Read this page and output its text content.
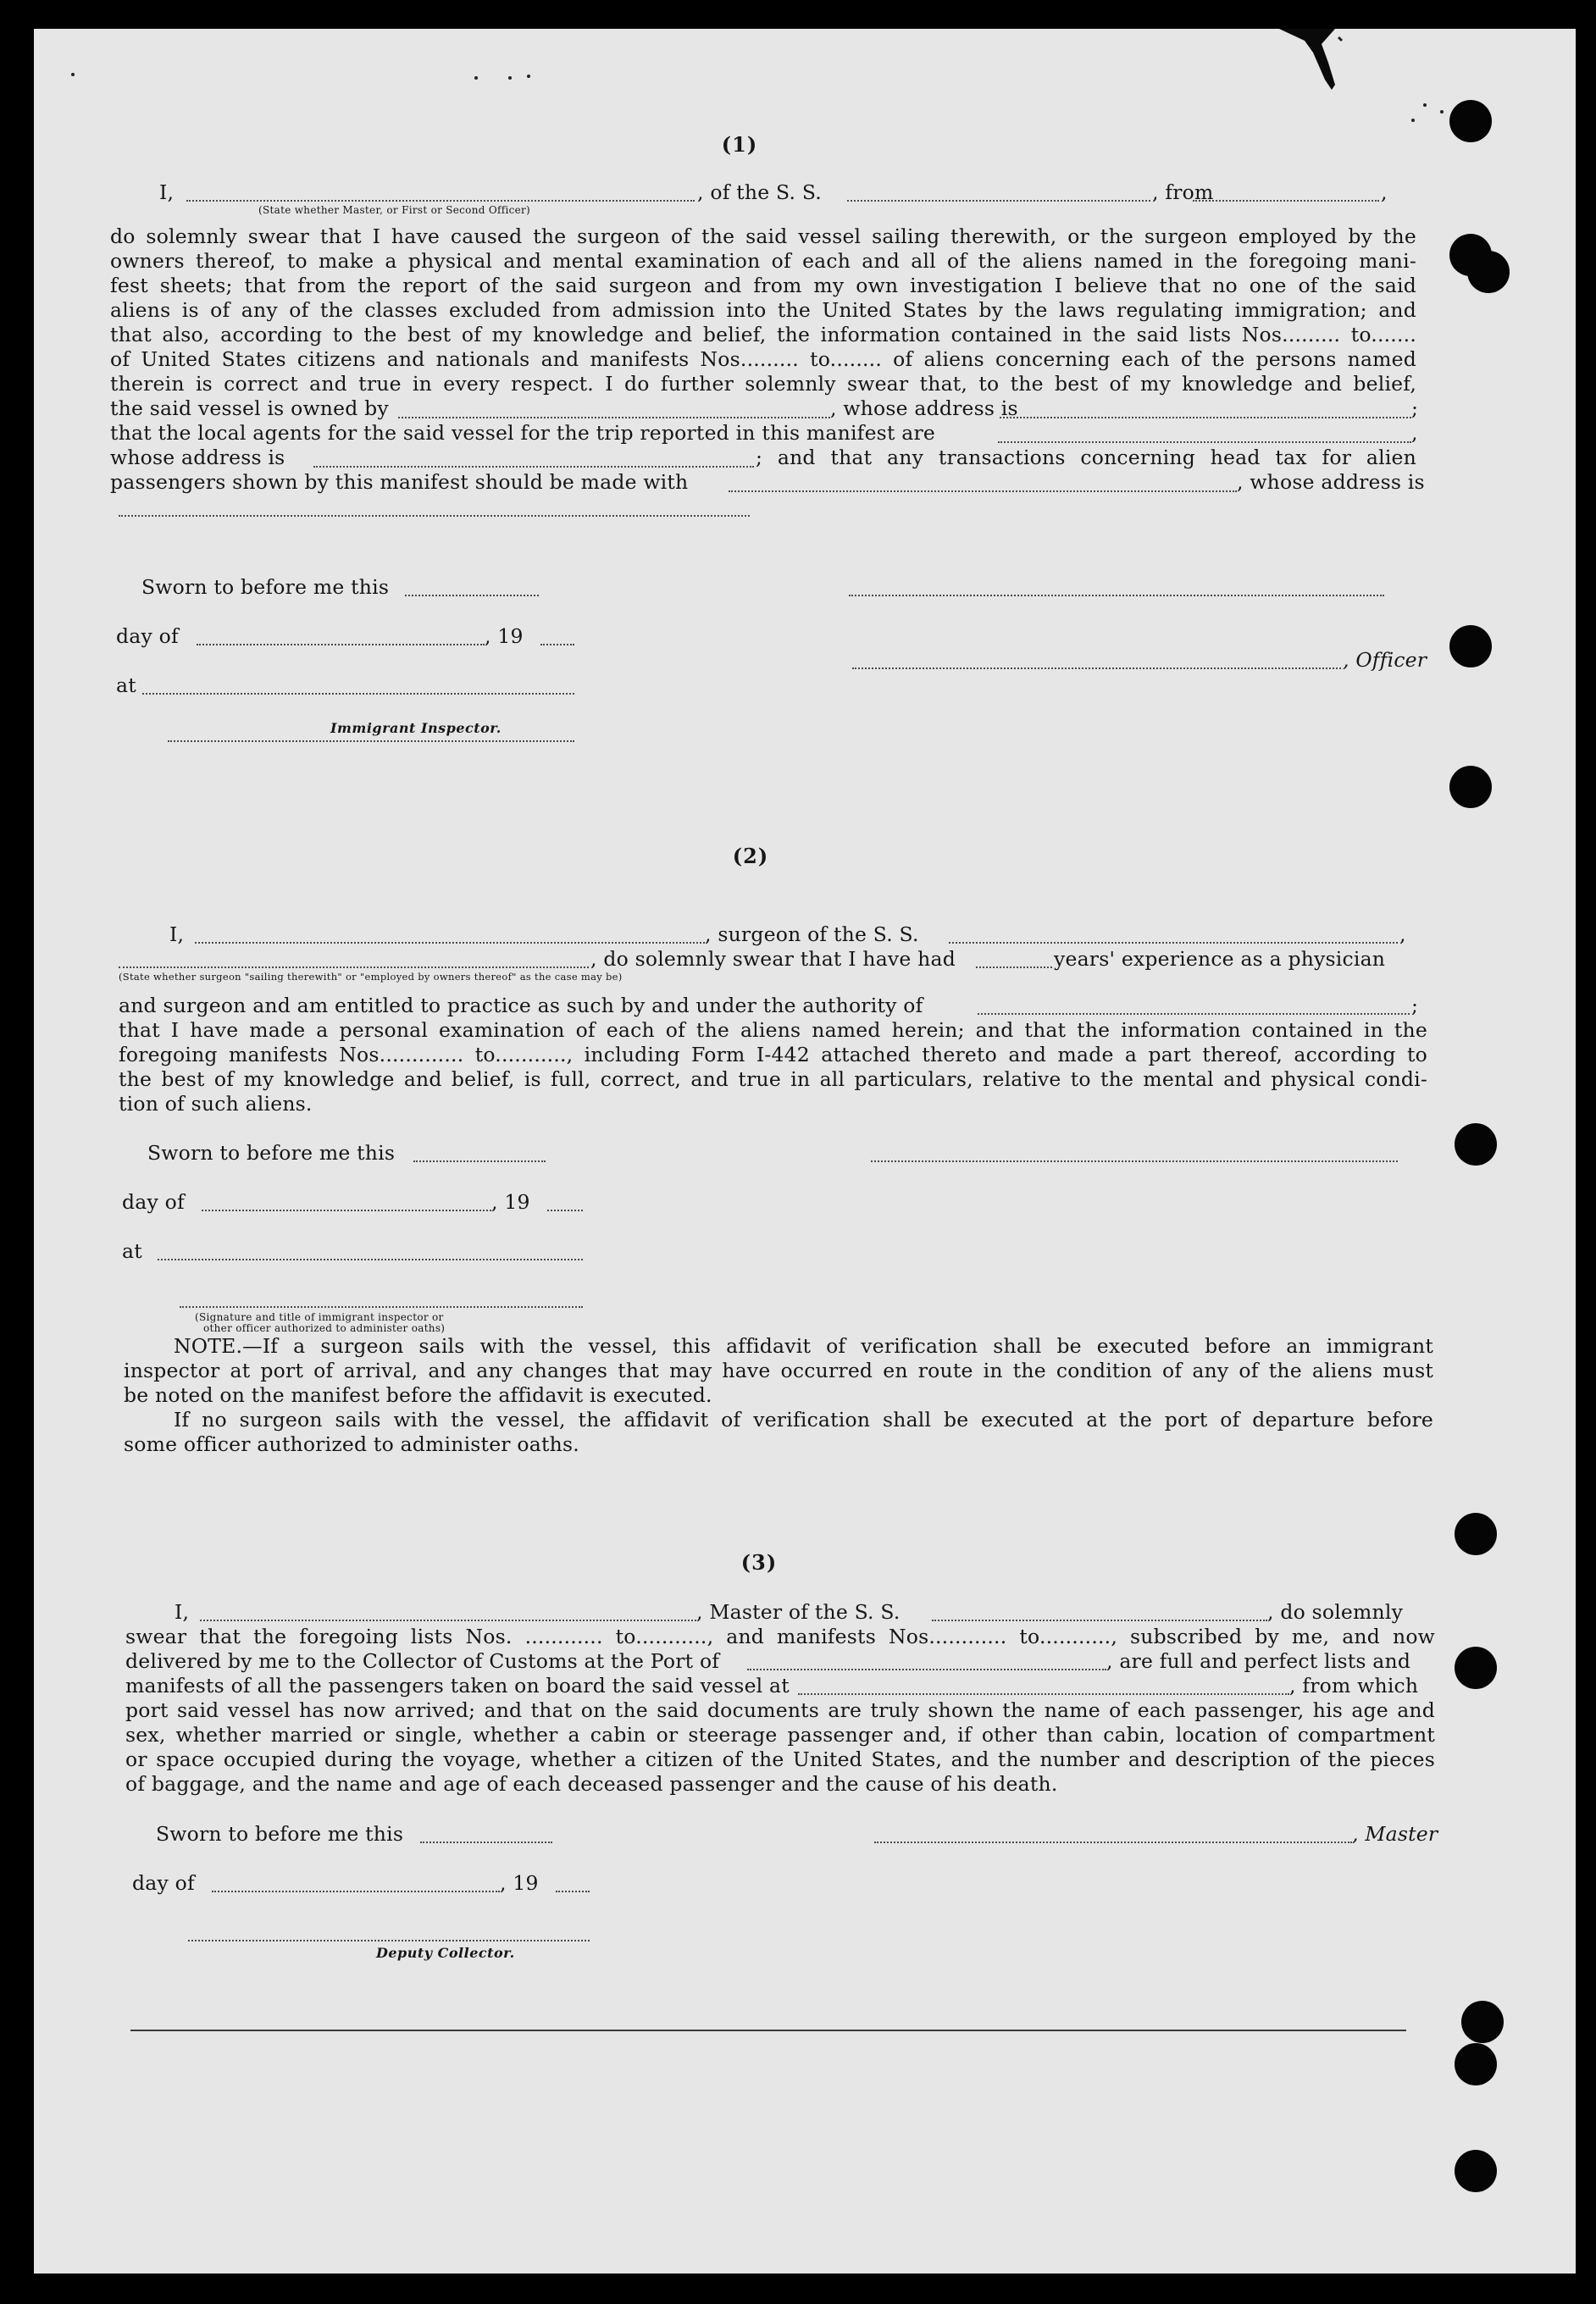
(1)
I,	, of the S. S.	, from	,
(State whether Master, or First or Second Officer)
do solemnly swear that I have caused the surgeon of the said vessel sailing therewith, or the surgeon employed by the
owners thereof, to make a physical and mental examination of each and all of the aliens named in the foregoing mani-
fest sheets; that from the report of the said surgeon and from my own investigation I believe that no one of the said
aliens is of any of the classes excluded from admission into the United States by the laws regulating immigration; and
that also, according to the best of my knowledge and belief, the information contained in the said lists Nos......... to.......
of United States citizens and nationals and manifests Nos......... to........ of aliens concerning each of the persons named
therein is correct and true in every respect. I do further solemnly swear that, to the best of my knowledge and belief,
the said vessel is owned by	, whose address is	;
that the local agents for the said vessel for the trip reported in this manifest are	,
whose address is	; and that any transactions concerning head tax for alien
passengers shown by this manifest should be made with	, whose address is
Sworn to before me this
day of	, 19
, Officer
at
Immigrant Inspector.
(2)
I,	, surgeon of the S. S.	,
, do solemnly swear that I have had	years' experience as a physician
(State whether surgeon "sailing therewith" or "employed by owners thereof" as the case may be)
and surgeon and am entitled to practice as such by and under the authority of	;
that I have made a personal examination of each of the aliens named herein; and that the information contained in the
foregoing manifests Nos............. to..........., including Form I-442 attached thereto and made a part thereof, according to
the best of my knowledge and belief, is full, correct, and true in all particulars, relative to the mental and physical condi-
tion of such aliens.
Sworn to before me this
day of	, 19
at
(Signature and title of immigrant inspector or
other officer authorized to administer oaths)
NOTE.—If a surgeon sails with the vessel, this affidavit of verification shall be executed before an immigrant
inspector at port of arrival, and any changes that may have occurred en route in the condition of any of the aliens must
be noted on the manifest before the affidavit is executed.
If no surgeon sails with the vessel, the affidavit of verification shall be executed at the port of departure before
some officer authorized to administer oaths.
(3)
I,	, Master of the S. S.	, do solemnly
swear that the foregoing lists Nos. ............ to..........., and manifests Nos............ to..........., subscribed by me, and now
delivered by me to the Collector of Customs at the Port of	, are full and perfect lists and
manifests of all the passengers taken on board the said vessel at	, from which
port said vessel has now arrived; and that on the said documents are truly shown the name of each passenger, his age and
sex, whether married or single, whether a cabin or steerage passenger and, if other than cabin, location of compartment
or space occupied during the voyage, whether a citizen of the United States, and the number and description of the pieces
of baggage, and the name and age of each deceased passenger and the cause of his death.
Sworn to before me this	, Master
day of	, 19
Deputy Collector.
